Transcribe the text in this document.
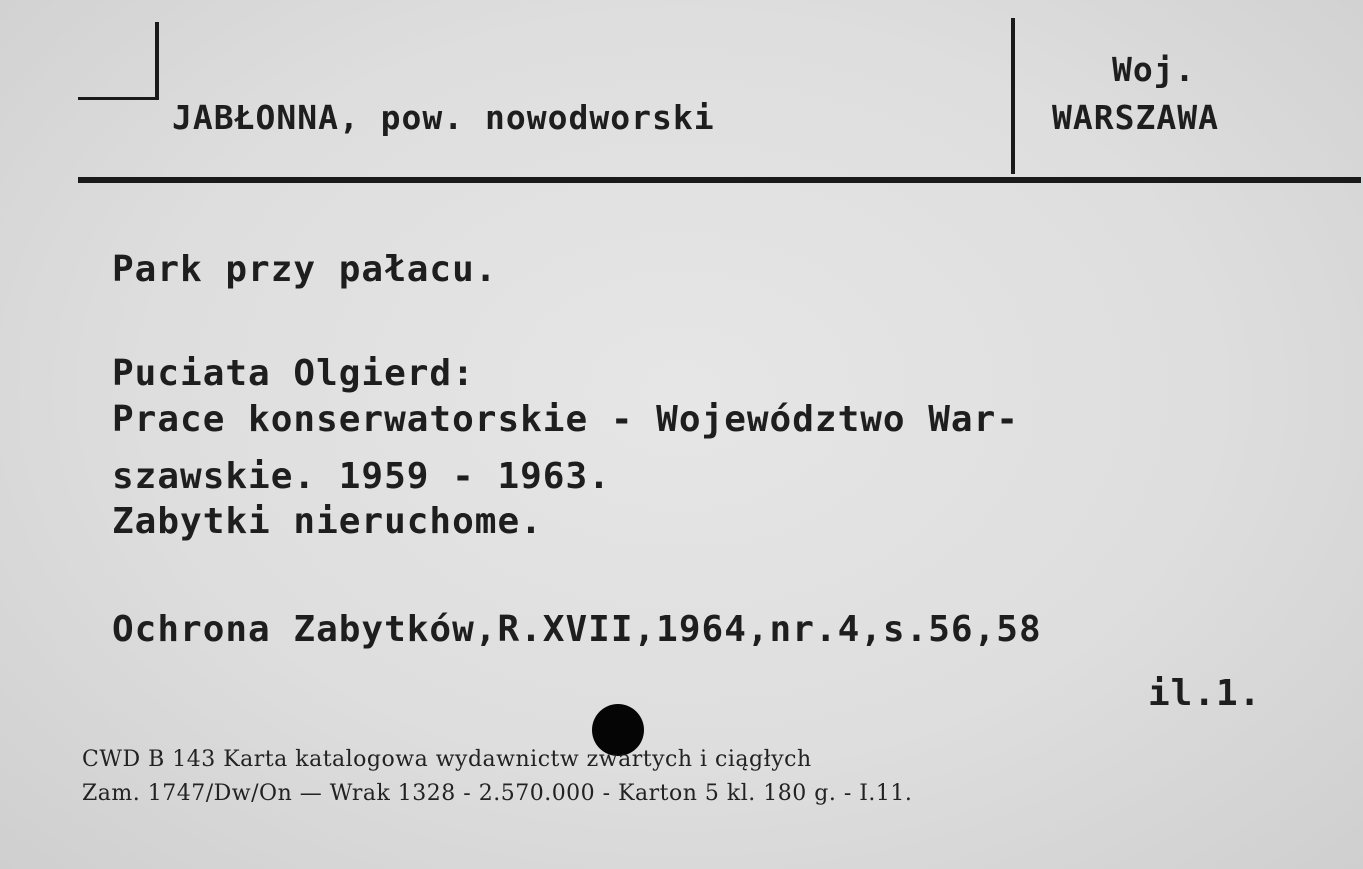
JABŁONNA, pow. nowodworski
Woj.
WARSZAWA
Park przy pałacu.
Puciata Olgierd:
Prace konserwatorskie - Województwo War-
szawskie. 1959 - 1963.
Zabytki nieruchome.
Ochrona Zabytków,R.XVII,1964,nr.4,s.56,58
il.1.
CWD B 143 Karta katalogowa wydawnictw zwartych i ciągłych
Zam. 1747/Dw/On — Wrak 1328 - 2.570.000 - Karton 5 kl. 180 g. - I.11.
